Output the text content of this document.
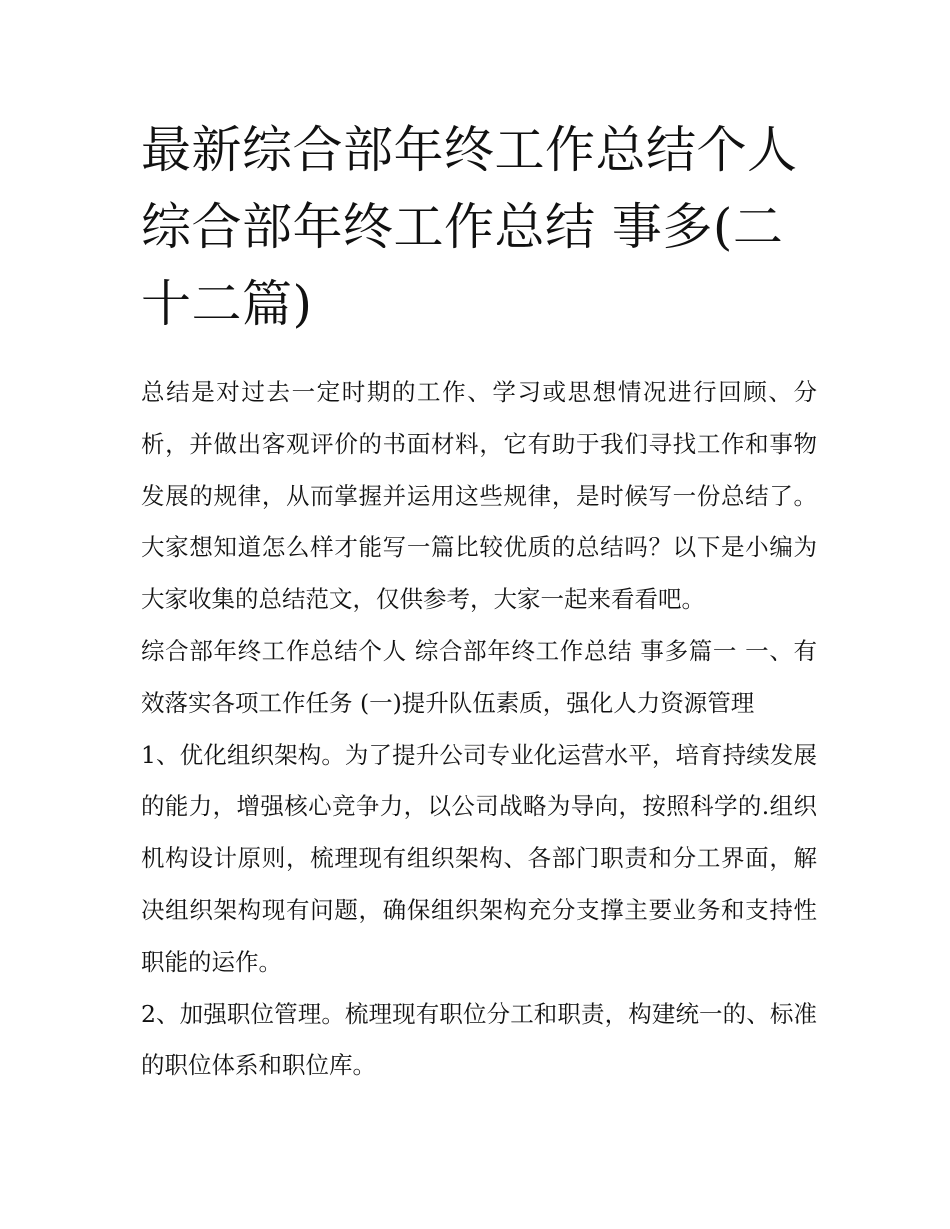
最新综合部年终工作总结个人
综合部年终工作总结 事多(二
十二篇)

总结是对过去一定时期的工作、学习或思想情况进行回顾、分析，并做出客观评价的书面材料，它有助于我们寻找工作和事物发展的规律，从而掌握并运用这些规律，是时候写一份总结了。大家想知道怎么样才能写一篇比较优质的总结吗？以下是小编为大家收集的总结范文，仅供参考，大家一起来看看吧。

综合部年终工作总结个人 综合部年终工作总结 事多篇一 一、有效落实各项工作任务 (一)提升队伍素质，强化人力资源管理

1、优化组织架构。为了提升公司专业化运营水平，培育持续发展的能力，增强核心竞争力，以公司战略为导向，按照科学的.组织机构设计原则，梳理现有组织架构、各部门职责和分工界面，解决组织架构现有问题，确保组织架构充分支撑主要业务和支持性职能的运作。

2、加强职位管理。梳理现有职位分工和职责，构建统一的、标准的职位体系和职位库。
